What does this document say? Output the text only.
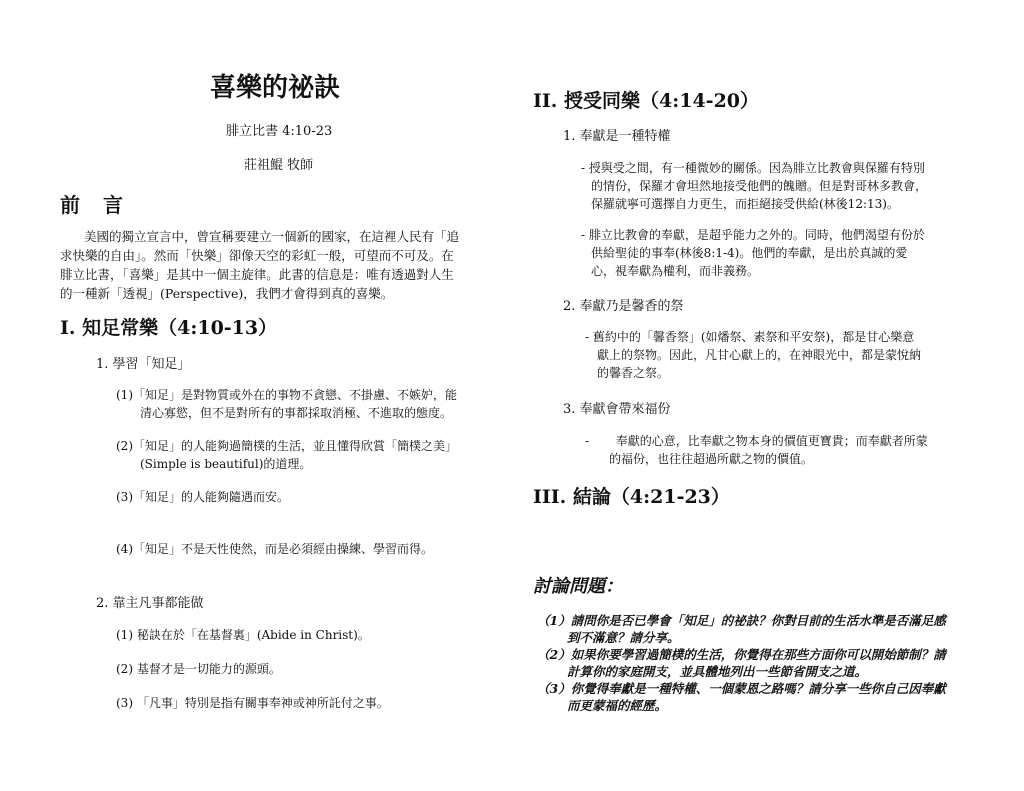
喜樂的祕訣
腓立比書 4:10-23
莊祖鯤 牧師
前 言
美國的獨立宣言中，曾宣稱要建立一個新的國家，在這裡人民有「追
求快樂的自由」。然而「快樂」卻像天空的彩虹一般，可望而不可及。在
腓立比書，「喜樂」是其中一個主旋律。此書的信息是：唯有透過對人生
的一種新「透視」(Perspective)，我們才會得到真的喜樂。
I. 知足常樂（4:10-13）
1. 學習「知足」
(1)「知足」是對物質或外在的事物不貪戀、不掛慮、不嫉妒，能
清心寡慾，但不是對所有的事都採取消極、不進取的態度。
(2)「知足」的人能夠過簡樸的生活，並且懂得欣賞「簡樸之美」
(Simple is beautiful)的道理。
(3)「知足」的人能夠隨遇而安。
(4)「知足」不是天性使然，而是必須經由操練、學習而得。
2. 靠主凡事都能做
(1) 秘訣在於「在基督裏」(Abide in Christ)。
(2) 基督才是一切能力的源頭。
(3) 「凡事」特別是指有關事奉神或神所託付之事。
II. 授受同樂（4:14-20）
1. 奉獻是一種特權
- 授與受之間，有一種微妙的關係。因為腓立比教會與保羅有特別
的情份，保羅才會坦然地接受他們的餽贈。但是對哥林多教會，
保羅就寧可選擇自力更生，而拒絕接受供給(林後12:13)。
- 腓立比教會的奉獻，是超乎能力之外的。同時，他們渴望有份於
供給聖徒的事奉(林後8:1-4)。他們的奉獻，是出於真誠的愛
心，視奉獻為權利，而非義務。
2. 奉獻乃是馨香的祭
- 舊約中的「馨香祭」(如燔祭、素祭和平安祭)，都是甘心樂意
獻上的祭物。因此，凡甘心獻上的，在神眼光中，都是蒙悅納
的馨香之祭。
3. 奉獻會帶來福份
-       奉獻的心意，比奉獻之物本身的價值更寶貴；而奉獻者所蒙
的福份，也往往超過所獻之物的價值。
III. 結論（4:21-23）
討論問題：
（1）請問你是否已學會「知足」的祕訣？你對目前的生活水準是否滿足感
到不滿意？請分享。
（2）如果你要學習過簡樸的生活，你覺得在那些方面你可以開始節制？請
計算你的家庭開支，並具體地列出一些節省開支之道。
（3）你覺得奉獻是一種特權、一個蒙恩之路嗎？請分享一些你自己因奉獻
而更蒙福的經歷。
